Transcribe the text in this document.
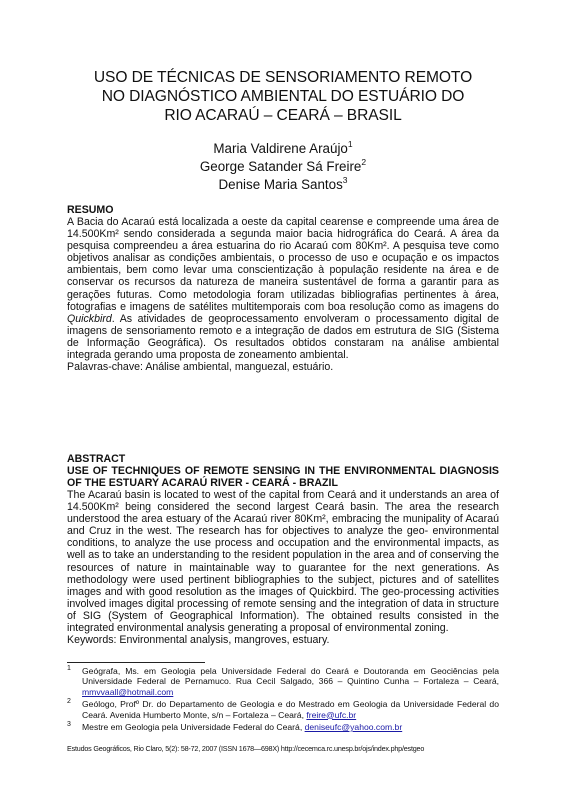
USO DE TÉCNICAS DE SENSORIAMENTO REMOTO
NO DIAGNÓSTICO AMBIENTAL DO ESTUÁRIO DO
RIO ACARAÚ – CEARÁ – BRASIL
Maria Valdirene Araújo$^1$
George Satander Sá Freire$^2$
Denise Maria Santos$^3$
RESUMO
A Bacia do Acaraú está localizada a oeste da capital cearense e compreende uma área de 14.500Km² sendo considerada a segunda maior bacia hidrográfica do Ceará. A área da pesquisa compreendeu a área estuarina do rio Acaraú com 80Km². A pesquisa teve como objetivos analisar as condições ambientais, o processo de uso e ocupação e os impactos ambientais, bem como levar uma conscientização à população residente na área e de conservar os recursos da natureza de maneira sustentável de forma a garantir para as gerações futuras. Como metodologia foram utilizadas bibliografias pertinentes à área, fotografias e imagens de satélites multitemporais com boa resolução como as imagens do Quickbird. As atividades de geoprocessamento envolveram o processamento digital de imagens de sensoriamento remoto e a integração de dados em estrutura de SIG (Sistema de Informação Geográfica). Os resultados obtidos constaram na análise ambiental integrada gerando uma proposta de zoneamento ambiental.
Palavras-chave: Análise ambiental, manguezal, estuário.
ABSTRACT
USE OF TECHNIQUES OF REMOTE SENSING IN THE ENVIRONMENTAL DIAGNOSIS OF THE ESTUARY ACARAÚ RIVER - CEARÁ - BRAZIL
The Acaraú basin is located to west of the capital from Ceará and it understands an area of 14.500Km² being considered the second largest Ceará basin. The area the research understood the area estuary of the Acaraú river 80Km², embracing the munipality of Acaraú and Cruz in the west. The research has for objectives to analyze the geo- environmental conditions, to analyze the use process and occupation and the environmental impacts, as well as to take an understanding to the resident population in the area and of conserving the resources of nature in maintainable way to guarantee for the next generations. As methodology were used pertinent bibliographies to the subject, pictures and of satellites images and with good resolution as the images of Quickbird. The geo-processing activities involved images digital processing of remote sensing and the integration of data in structure of SIG (System of Geographical Information). The obtained results consisted in the integrated environmental analysis generating a proposal of environmental zoning.
Keywords: Environmental analysis, mangroves, estuary.
1 Geógrafa, Ms. em Geologia pela Universidade Federal do Ceará e Doutoranda em Geociências pela Universidade Federal de Pernamuco. Rua Cecil Salgado, 366 – Quintino Cunha – Fortaleza – Ceará, mmvvaall@hotmail.com
2 Geólogo, Profº Dr. do Departamento de Geologia e do Mestrado em Geologia da Universidade Federal do Ceará. Avenida Humberto Monte, s/n – Fortaleza – Ceará, freire@ufc.br
3 Mestre em Geologia pela Universidade Federal do Ceará, deniseufc@yahoo.com.br
Estudos Geográficos, Rio Claro, 5(2): 58-72, 2007 (ISSN 1678—698X) http://cecemca.rc.unesp.br/ojs/index.php/estgeo
